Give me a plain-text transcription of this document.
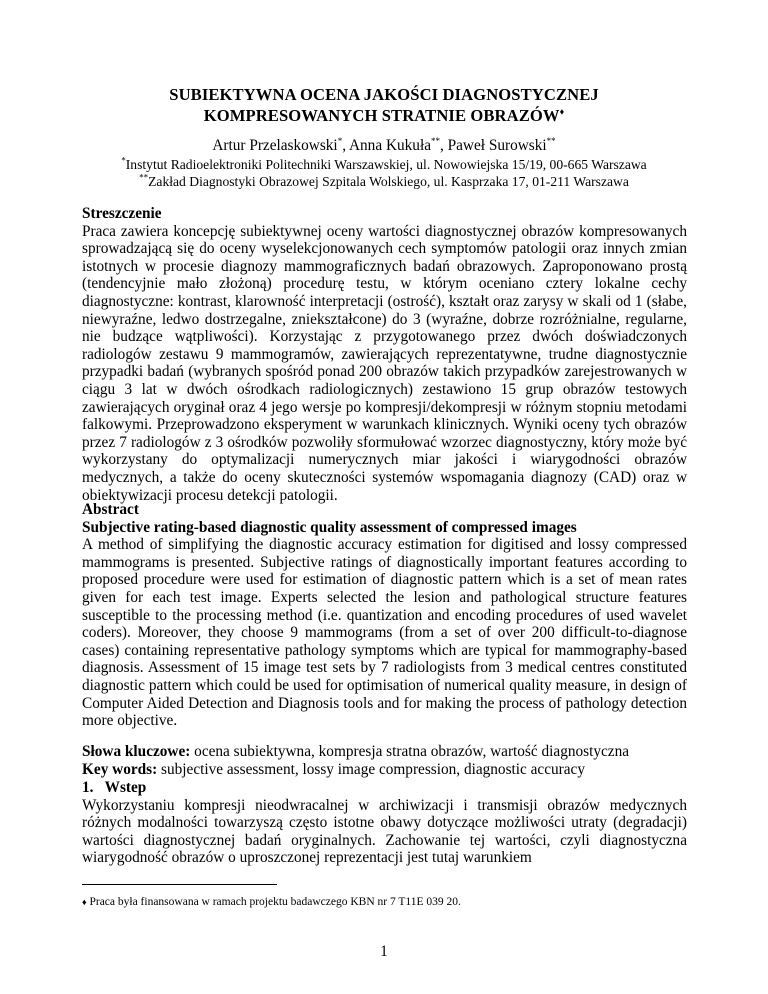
SUBIEKTYWNA OCENA JAKOŚCI DIAGNOSTYCZNEJ
KOMPRESOWANYCH STRATNIE OBRAZÓW♦
Artur Przelaskowski*, Anna Kukuła**, Paweł Surowski**
*Instytut Radioelektroniki Politechniki Warszawskiej, ul. Nowowiejska 15/19, 00-665 Warszawa
**Zakład Diagnostyki Obrazowej Szpitala Wolskiego, ul. Kasprzaka 17, 01-211 Warszawa
Streszczenie

Praca zawiera koncepcję subiektywnej oceny wartości diagnostycznej obrazów kompresowanych sprowadzającą się do oceny wyselekcjonowanych cech symptomów patologii oraz innych zmian istotnych w procesie diagnozy mammograficznych badań obrazowych. Zaproponowano prostą (tendencyjnie mało złożoną) procedurę testu, w którym oceniano cztery lokalne cechy diagnostyczne: kontrast, klarowność interpretacji (ostrość), kształt oraz zarysy w skali od 1 (słabe, niewyraźne, ledwo dostrzegalne, zniekształcone) do 3 (wyraźne, dobrze rozróżnialne, regularne, nie budzące wątpliwości). Korzystając z przygotowanego przez dwóch doświadczonych radiologów zestawu 9 mammogramów, zawierających reprezentatywne, trudne diagnostycznie przypadki badań (wybranych spośród ponad 200 obrazów takich przypadków zarejestrowanych w ciągu 3 lat w dwóch ośrodkach radiologicznych) zestawiono 15 grup obrazów testowych zawierających oryginał oraz 4 jego wersje po kompresji/dekompresji w różnym stopniu metodami falkowymi. Przeprowadzono eksperyment w warunkach klinicznych. Wyniki oceny tych obrazów przez 7 radiologów z 3 ośrodków pozwoliły sformułować wzorzec diagnostyczny, który może być wykorzystany do optymalizacji numerycznych miar jakości i wiarygodności obrazów medycznych, a także do oceny skuteczności systemów wspomagania diagnozy (CAD) oraz w obiektywizacji procesu detekcji patologii.

Abstract
Subjective rating-based diagnostic quality assessment of compressed images

A method of simplifying the diagnostic accuracy estimation for digitised and lossy compressed mammograms is presented. Subjective ratings of diagnostically important features according to proposed procedure were used for estimation of diagnostic pattern which is a set of mean rates given for each test image. Experts selected the lesion and pathological structure features susceptible to the processing method (i.e. quantization and encoding procedures of used wavelet coders). Moreover, they choose 9 mammograms (from a set of over 200 difficult-to-diagnose cases) containing representative pathology symptoms which are typical for mammography-based diagnosis. Assessment of 15 image test sets by 7 radiologists from 3 medical centres constituted diagnostic pattern which could be used for optimisation of numerical quality measure, in design of Computer Aided Detection and Diagnosis tools and for making the process of pathology detection more objective.

Słowa kluczowe: ocena subiektywna, kompresja stratna obrazów, wartość diagnostyczna
Key words: subjective assessment, lossy image compression, diagnostic accuracy
1.   Wstep

Wykorzystaniu kompresji nieodwracalnej w archiwizacji i transmisji obrazów medycznych różnych modalności towarzyszą często istotne obawy dotyczące możliwości utraty (degradacji) wartości diagnostycznej badań oryginalnych. Zachowanie tej wartości, czyli diagnostyczna wiarygodność obrazów o uproszczonej reprezentacji jest tutaj warunkiem

♦ Praca była finansowana w ramach projektu badawczego KBN nr 7 T11E 039 20.
1
